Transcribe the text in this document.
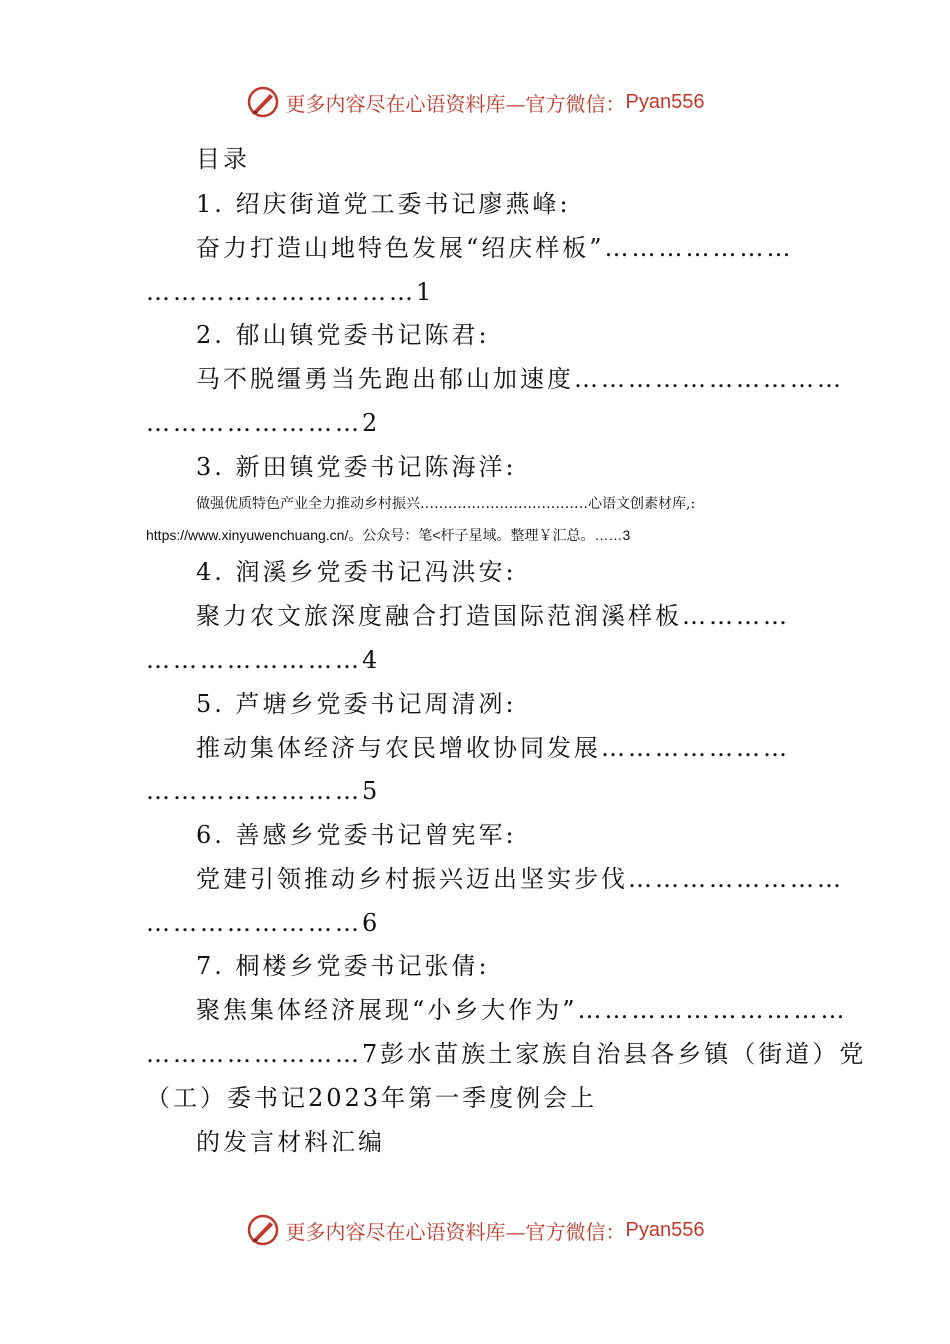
更多内容尽在心语资料库—官方微信： Pyan556
目录
1. 绍庆街道党工委书记廖燕峰:
奋力打造山地特色发展“绍庆样板”…………………
…………………………1
2. 郁山镇党委书记陈君:
马不脱缰勇当先跑出郁山加速度…………………………
……………………2
3. 新田镇党委书记陈海洋:
做强优质特色产业全力推动乡村振兴………………………………心语文创素材库,:
https://www.xinyuwenchuang.cn/。公众号：笔<杆子星域。整理￥汇总。……3
4. 润溪乡党委书记冯洪安:
聚力农文旅深度融合打造国际范润溪样板…………
……………………4
5. 芦塘乡党委书记周清冽:
推动集体经济与农民增收协同发展…………………
……………………5
6. 善感乡党委书记曾宪军:
党建引领推动乡村振兴迈出坚实步伐……………………
……………………6
7. 桐楼乡党委书记张倩:
聚焦集体经济展现“小乡大作为”…………………………
……………………7彭水苗族土家族自治县各乡镇（街道）党
（工）委书记2023年第一季度例会上
的发言材料汇编
更多内容尽在心语资料库—官方微信： Pyan556
